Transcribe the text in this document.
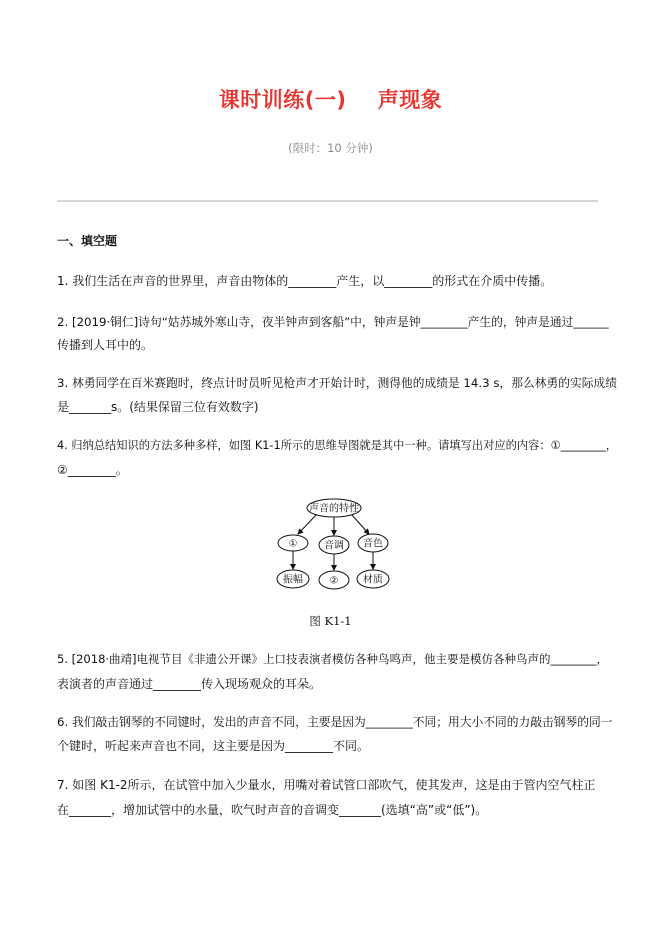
课时训练(一)    声现象
(限时：10 分钟)
一、填空题
1. 我们生活在声音的世界里，声音由物体的________产生，以________的形式在介质中传播。
2. [2019·铜仁]诗句“姑苏城外寒山寺，夜半钟声到客船”中，钟声是钟________产生的，钟声是通过______
传播到人耳中的。
3. 林勇同学在百米赛跑时，终点计时员听见枪声才开始计时，测得他的成绩是 14.3 s，那么林勇的实际成绩
是_______s。(结果保留三位有效数字)
4. 归纳总结知识的方法多种多样，如图 K1-1所示的思维导图就是其中一种。请填写出对应的内容：①________，
②________。
声音的特性
①	音调 音色
振幅	② 材质
图 K1-1
5. [2018·曲靖]电视节目《非遗公开课》上口技表演者模仿各种鸟鸣声，他主要是模仿各种鸟声的________，
表演者的声音通过________传入现场观众的耳朵。
6. 我们敲击钢琴的不同键时，发出的声音不同，主要是因为________不同；用大小不同的力敲击钢琴的同一
个键时，听起来声音也不同，这主要是因为________不同。
7. 如图 K1-2所示，在试管中加入少量水，用嘴对着试管口部吹气，使其发声，这是由于管内空气柱正
在_______，增加试管中的水量，吹气时声音的音调变_______(选填“高”或“低”)。
